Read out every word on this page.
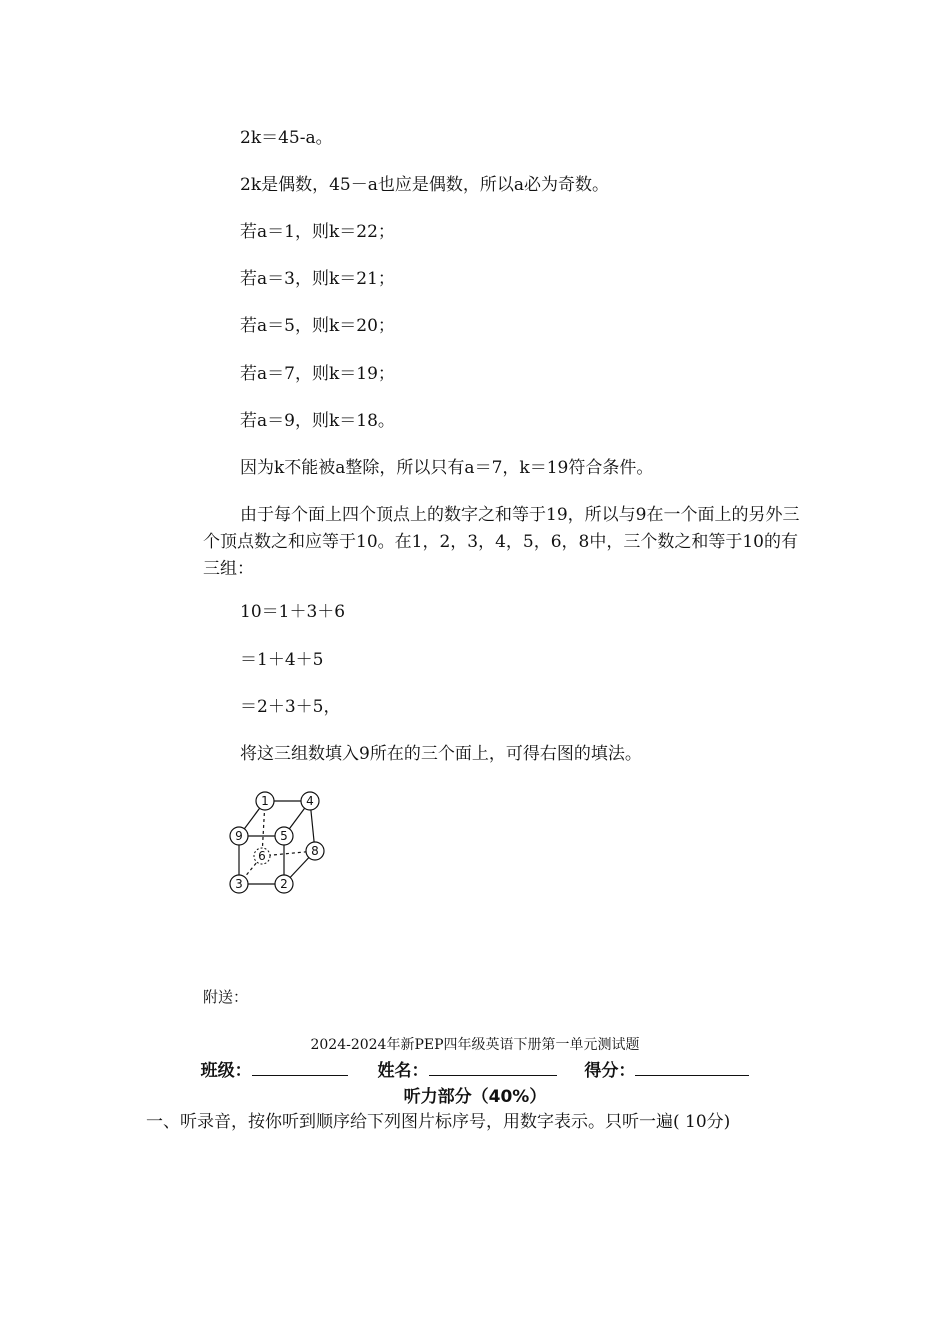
2k＝45-a。
2k是偶数，45－a也应是偶数，所以a必为奇数。
若a＝1，则k＝22；
若a＝3，则k＝21；
若a＝5，则k＝20；
若a＝7，则k＝19；
若a＝9，则k＝18。
因为k不能被a整除，所以只有a＝7，k＝19符合条件。
由于每个面上四个顶点上的数字之和等于19，所以与9在一个面上的另外三个顶点数之和应等于10。在1，2，3，4，5，6，8中，三个数之和等于10的有三组：
10＝1＋3＋6
＝1＋4＋5
＝2＋3＋5，
将这三组数填入9所在的三个面上，可得右图的填法。
1	4
9	5
8
6
3	2
附送：
2024-2024年新PEP四年级英语下册第一单元测试题
班级：	姓名：	得分：
听力部分（40%）
一、听录音，按你听到顺序给下列图片标序号，用数字表示。只听一遍( 10分)
